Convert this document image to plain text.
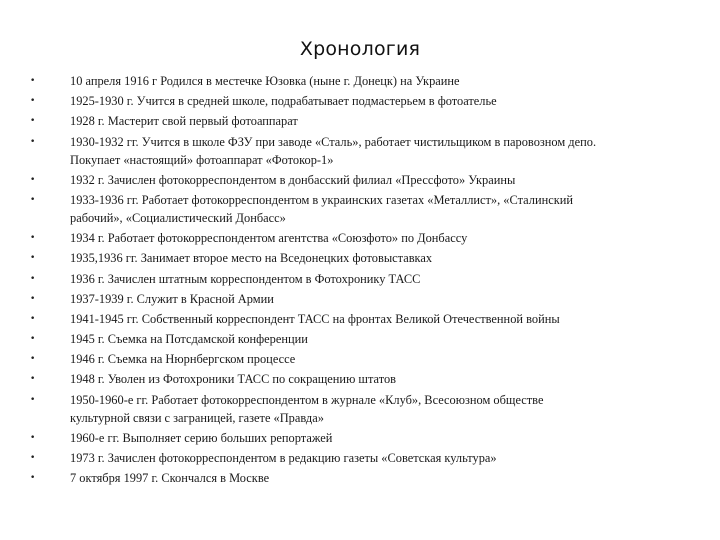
Хронология
•	10 апреля 1916 г Родился в местечке Юзовка (ныне г. Донецк) на Украине
•	1925-1930 г. Учится в средней школе, подрабатывает подмастерьем в фотоателье
•	1928 г. Мастерит свой первый фотоаппарат
•	1930-1932 гг. Учится в школе ФЗУ при заводе «Сталь», работает чистильщиком в паровозном депо.
Покупает «настоящий» фотоаппарат «Фотокор-1»
•	1932 г. Зачислен фотокорреспондентом в донбасский филиал «Прессфото» Украины
•	1933-1936 гг. Работает фотокорреспондентом в украинских газетах «Металлист», «Сталинский
рабочий», «Социалистический Донбасс»
•	1934 г. Работает фотокорреспондентом агентства «Союзфото» по Донбассу
•	1935,1936 гг. Занимает второе место на Вседонецких фотовыставках
•	1936 г. Зачислен штатным корреспондентом в Фотохронику ТАСС
•	1937-1939 г. Служит в Красной Армии
•	1941-1945 гг. Собственный корреспондент ТАСС на фронтах Великой Отечественной войны
•	1945 г. Съемка на Потсдамской конференции
•	1946 г. Съемка на Нюрнбергском процессе
•	1948 г. Уволен из Фотохроники ТАСС по сокращению штатов
•	1950-1960-е гг. Работает фотокорреспондентом в журнале «Клуб», Всесоюзном обществе
культурной связи с заграницей, газете «Правда»
•	1960-е гг. Выполняет серию больших репортажей
•	1973 г. Зачислен фотокорреспондентом в редакцию газеты «Советская культура»
•	7 октября 1997 г. Скончался в Москве
